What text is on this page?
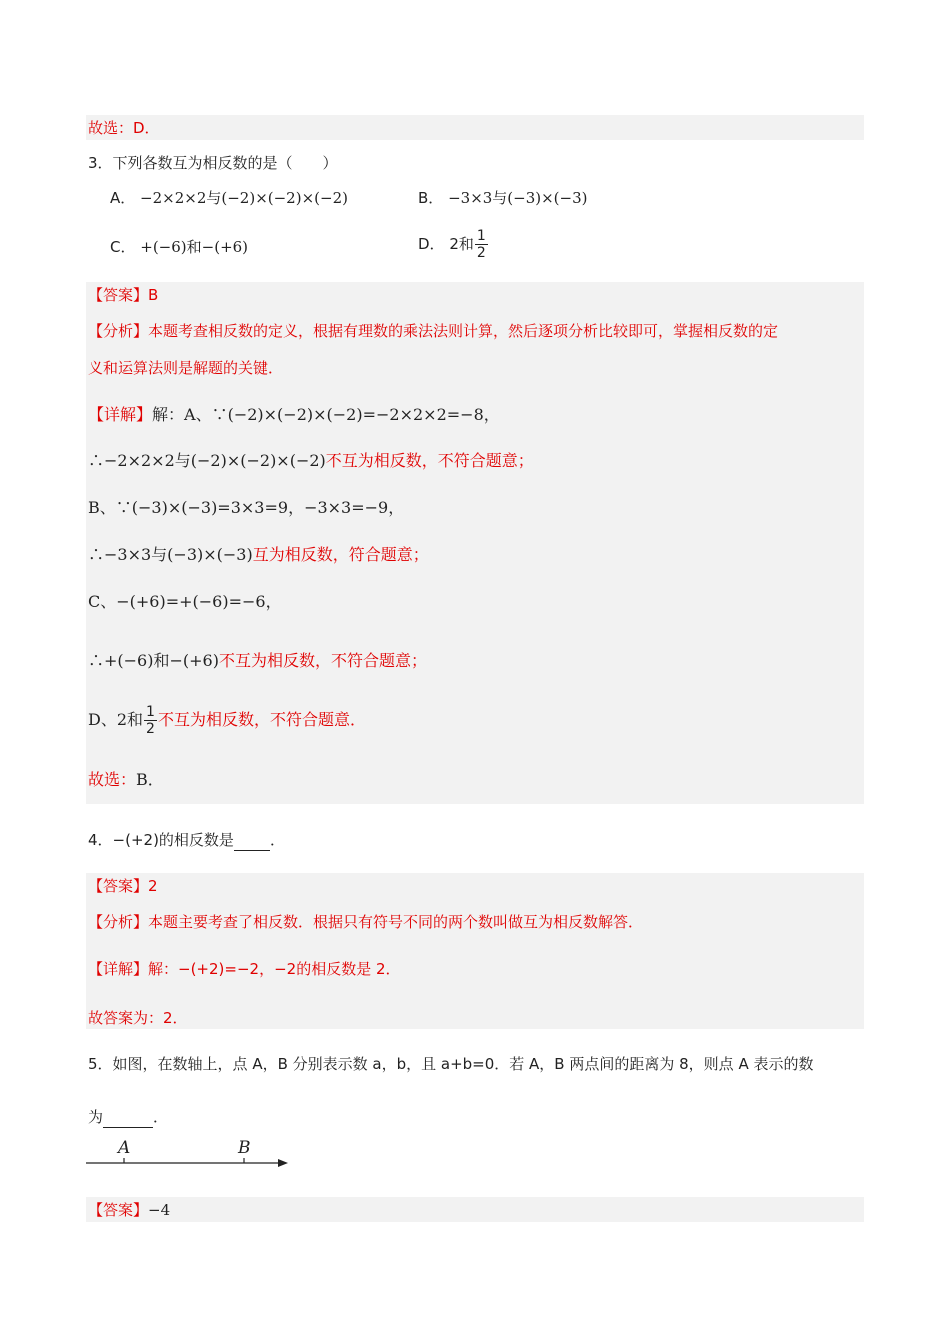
故选：D．
3．下列各数互为相反数的是（　　）
A． −2×2×2与(−2)×(−2)×(−2)	B． −3×3与(−3)×(−3)
C． +(−6)和−(+6)	D． 2和 $\frac{1}{2}$
【答案】B
【分析】本题考查相反数的定义，根据有理数的乘法法则计算，然后逐项分析比较即可，掌握相反数的定
义和运算法则是解题的关键．
【详解】解：A、∵(−2)×(−2)×(−2)=−2×2×2=−8，
∴−2×2×2与(−2)×(−2)×(−2)不互为相反数，不符合题意；
B、∵(−3)×(−3)=3×3=9，−3×3=−9，
∴−3×3与(−3)×(−3)互为相反数，符合题意；
C、−(+6)=+(−6)=−6，
∴+(−6)和−(+6)不互为相反数，不符合题意；
D、2和 $\frac{1}{2}$ 不互为相反数，不符合题意．
故选：B．
4．−(+2)的相反数是 ．
【答案】2
【分析】本题主要考查了相反数．根据只有符号不同的两个数叫做互为相反数解答．
【详解】解：−(+2)=−2，−2的相反数是 2．
故答案为：2．
5．如图，在数轴上，点 A，B 分别表示数 a，b，且 a+b=0．若 A，B 两点间的距离为 8，则点 A 表示的数
为	．
A	B
【答案】−4
